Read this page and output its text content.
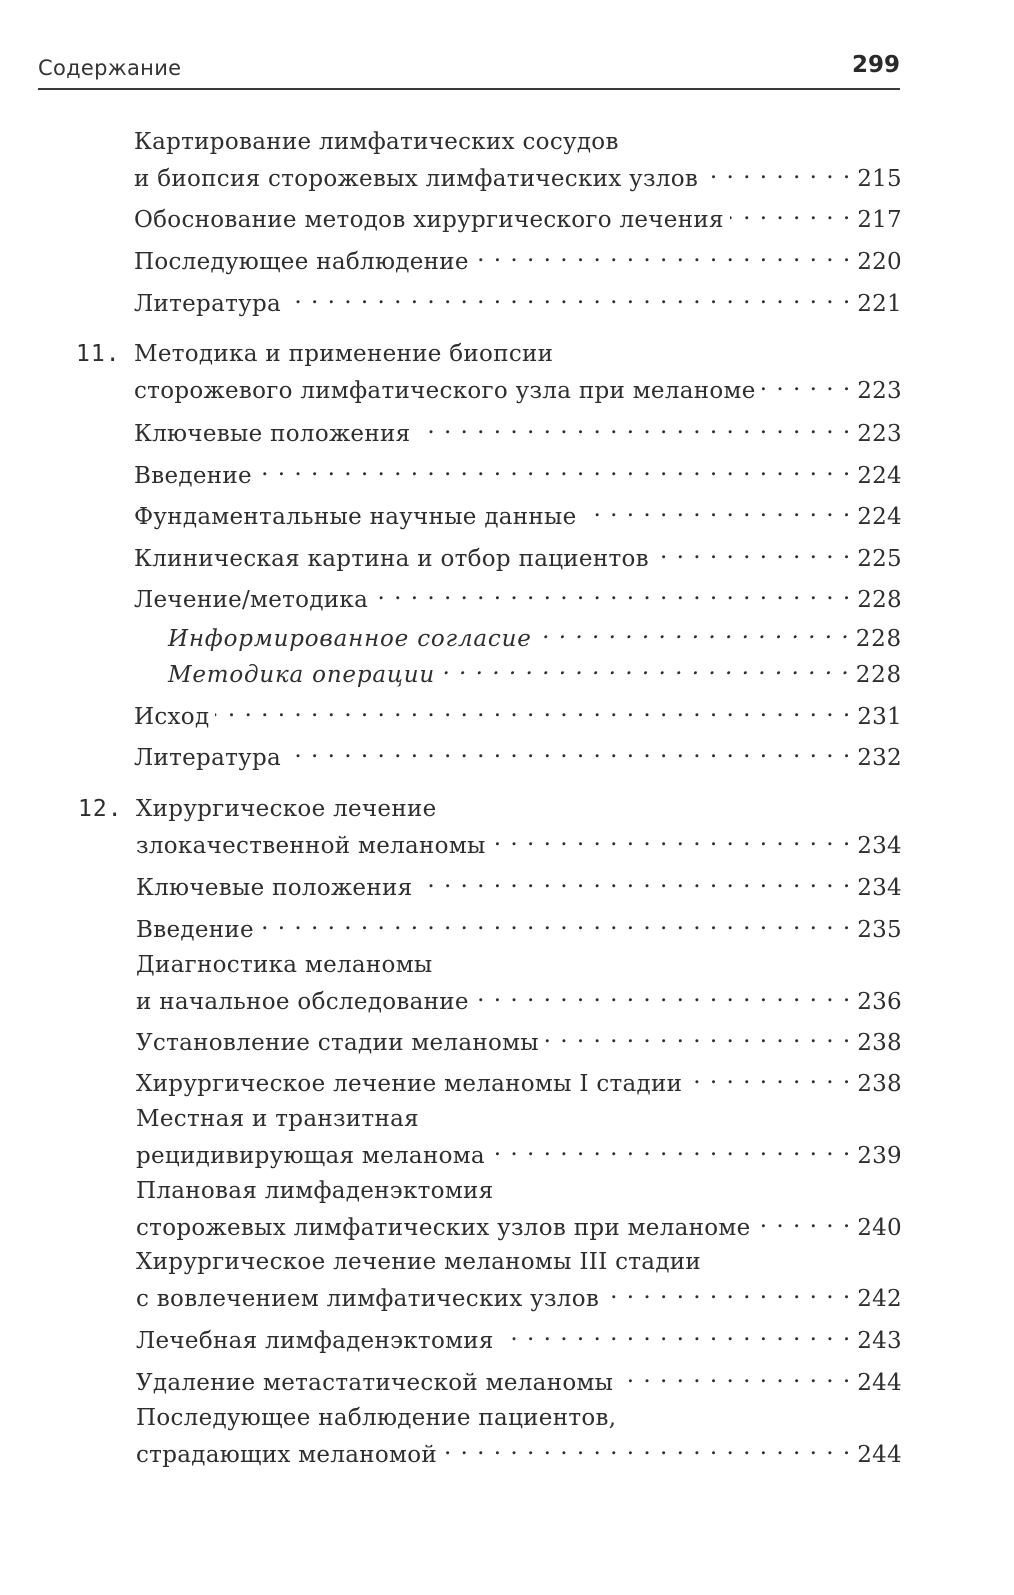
Содержание	299
Картирование лимфатических сосудов
и биопсия сторожевых лимфатических узлов . . .	215
Обоснование методов хирургического лечения . . .	217
Последующее наблюдение . . .	220
Литература . . .	221
11. Методика и применение биопсии
сторожевого лимфатического узла при меланоме . . .	223
Ключевые положения . . .	223
Введение . . .	224
Фундаментальные научные данные . . .	224
Клиническая картина и отбор пациентов . . .	225
Лечение/методика . . .	228
Информированное согласие . . .	228
Методика операции . . .	228
Исход . . .	231
Литература . . .	232
12. Хирургическое лечение
злокачественной меланомы . . .	234
Ключевые положения . . .	234
Введение . . .	235
Диагностика меланомы
и начальное обследование . . .	236
Установление стадии меланомы . . .	238
Хирургическое лечение меланомы I стадии . . .	238
Местная и транзитная
рецидивирующая меланома . . .	239
Плановая лимфаденэктомия
сторожевых лимфатических узлов при меланоме . . .	240
Хирургическое лечение меланомы III стадии
с вовлечением лимфатических узлов . . .	242
Лечебная лимфаденэктомия . . .	243
Удаление метастатической меланомы . . .	244
Последующее наблюдение пациентов,
страдающих меланомой . . .	244
